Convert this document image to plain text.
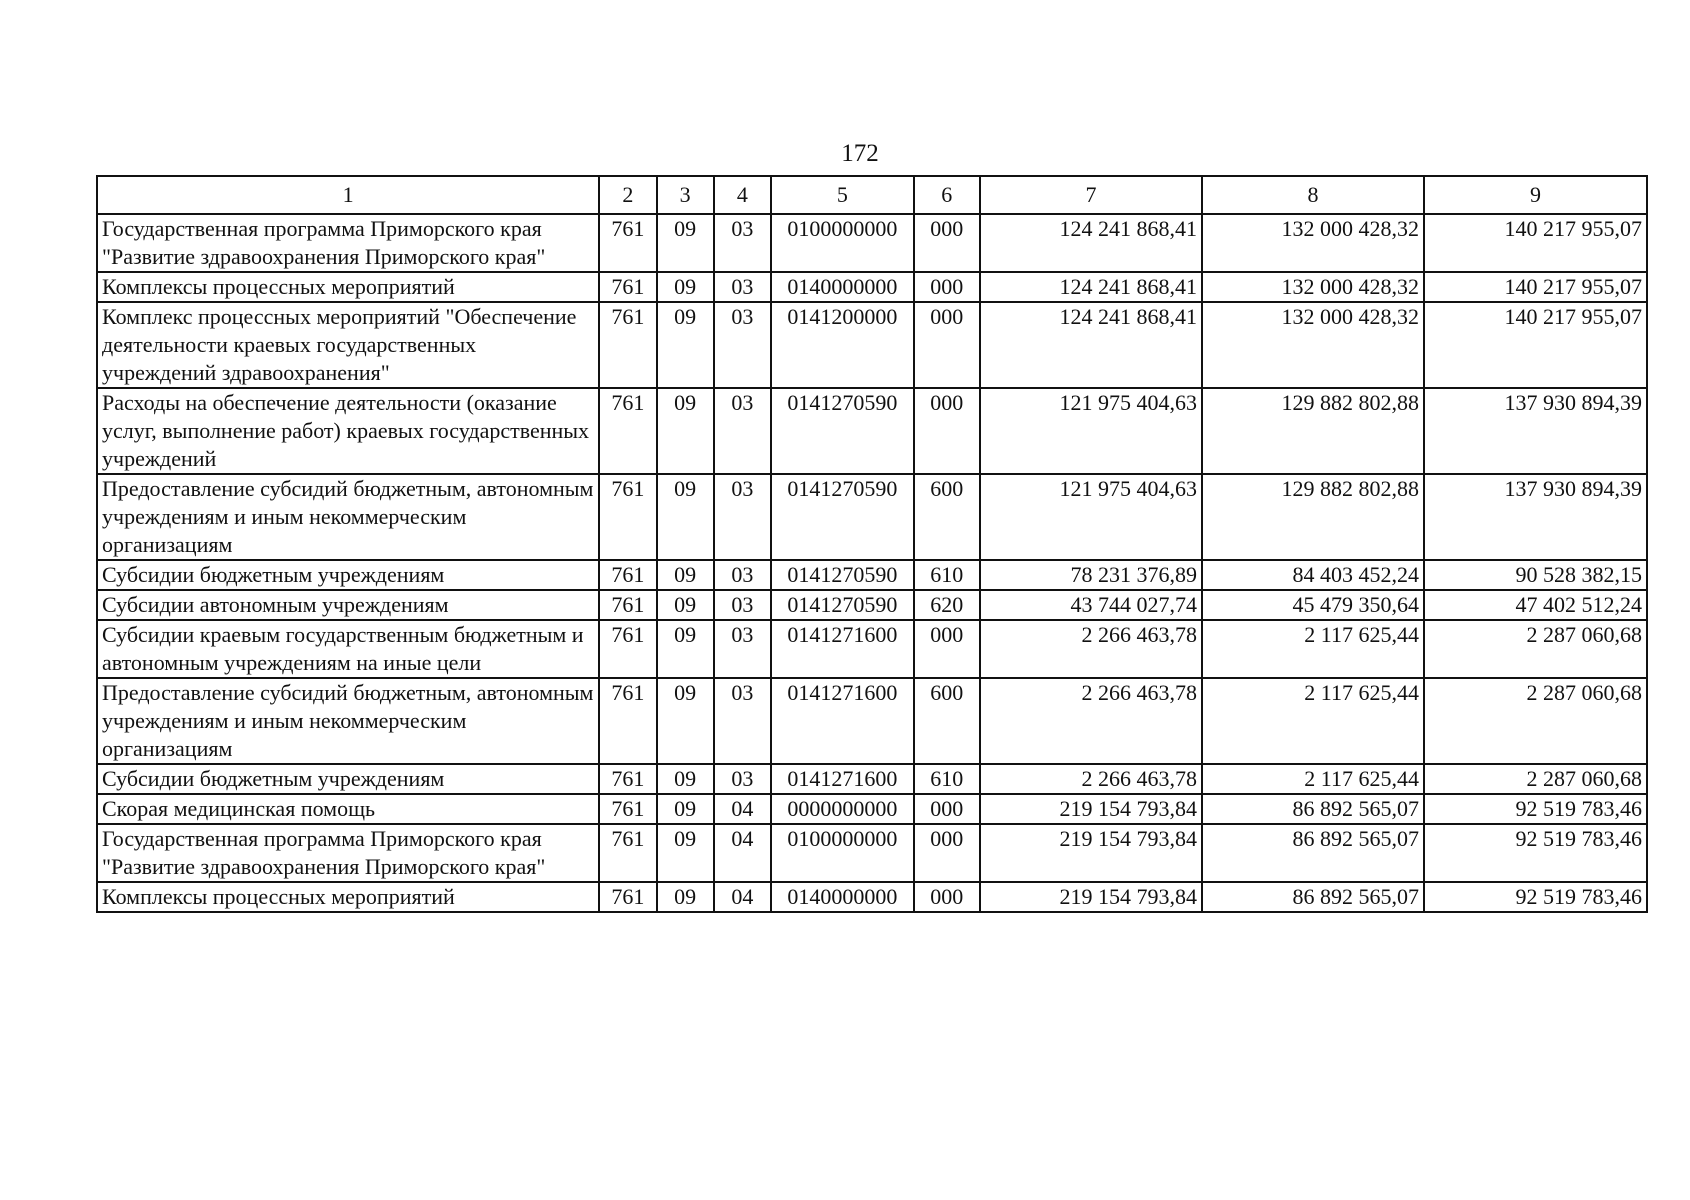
172
1	2	3	4	5	6	7	8	9
Государственная программа Приморского края "Развитие здравоохранения Приморского края"	761	09	03	0100000000	000	124 241 868,41	132 000 428,32	140 217 955,07
Комплексы процессных мероприятий	761	09	03	0140000000	000	124 241 868,41	132 000 428,32	140 217 955,07
Комплекс процессных мероприятий "Обеспечение деятельности краевых государственных учреждений здравоохранения"	761	09	03	0141200000	000	124 241 868,41	132 000 428,32	140 217 955,07
Расходы на обеспечение деятельности (оказание услуг, выполнение работ) краевых государственных учреждений	761	09	03	0141270590	000	121 975 404,63	129 882 802,88	137 930 894,39
Предоставление субсидий бюджетным, автономным учреждениям и иным некоммерческим организациям	761	09	03	0141270590	600	121 975 404,63	129 882 802,88	137 930 894,39
Субсидии бюджетным учреждениям	761	09	03	0141270590	610	78 231 376,89	84 403 452,24	90 528 382,15
Субсидии автономным учреждениям	761	09	03	0141270590	620	43 744 027,74	45 479 350,64	47 402 512,24
Субсидии краевым государственным бюджетным и автономным учреждениям на иные цели	761	09	03	0141271600	000	2 266 463,78	2 117 625,44	2 287 060,68
Предоставление субсидий бюджетным, автономным учреждениям и иным некоммерческим организациям	761	09	03	0141271600	600	2 266 463,78	2 117 625,44	2 287 060,68
Субсидии бюджетным учреждениям	761	09	03	0141271600	610	2 266 463,78	2 117 625,44	2 287 060,68
Скорая медицинская помощь	761	09	04	0000000000	000	219 154 793,84	86 892 565,07	92 519 783,46
Государственная программа Приморского края "Развитие здравоохранения Приморского края"	761	09	04	0100000000	000	219 154 793,84	86 892 565,07	92 519 783,46
Комплексы процессных мероприятий	761	09	04	0140000000	000	219 154 793,84	86 892 565,07	92 519 783,46
